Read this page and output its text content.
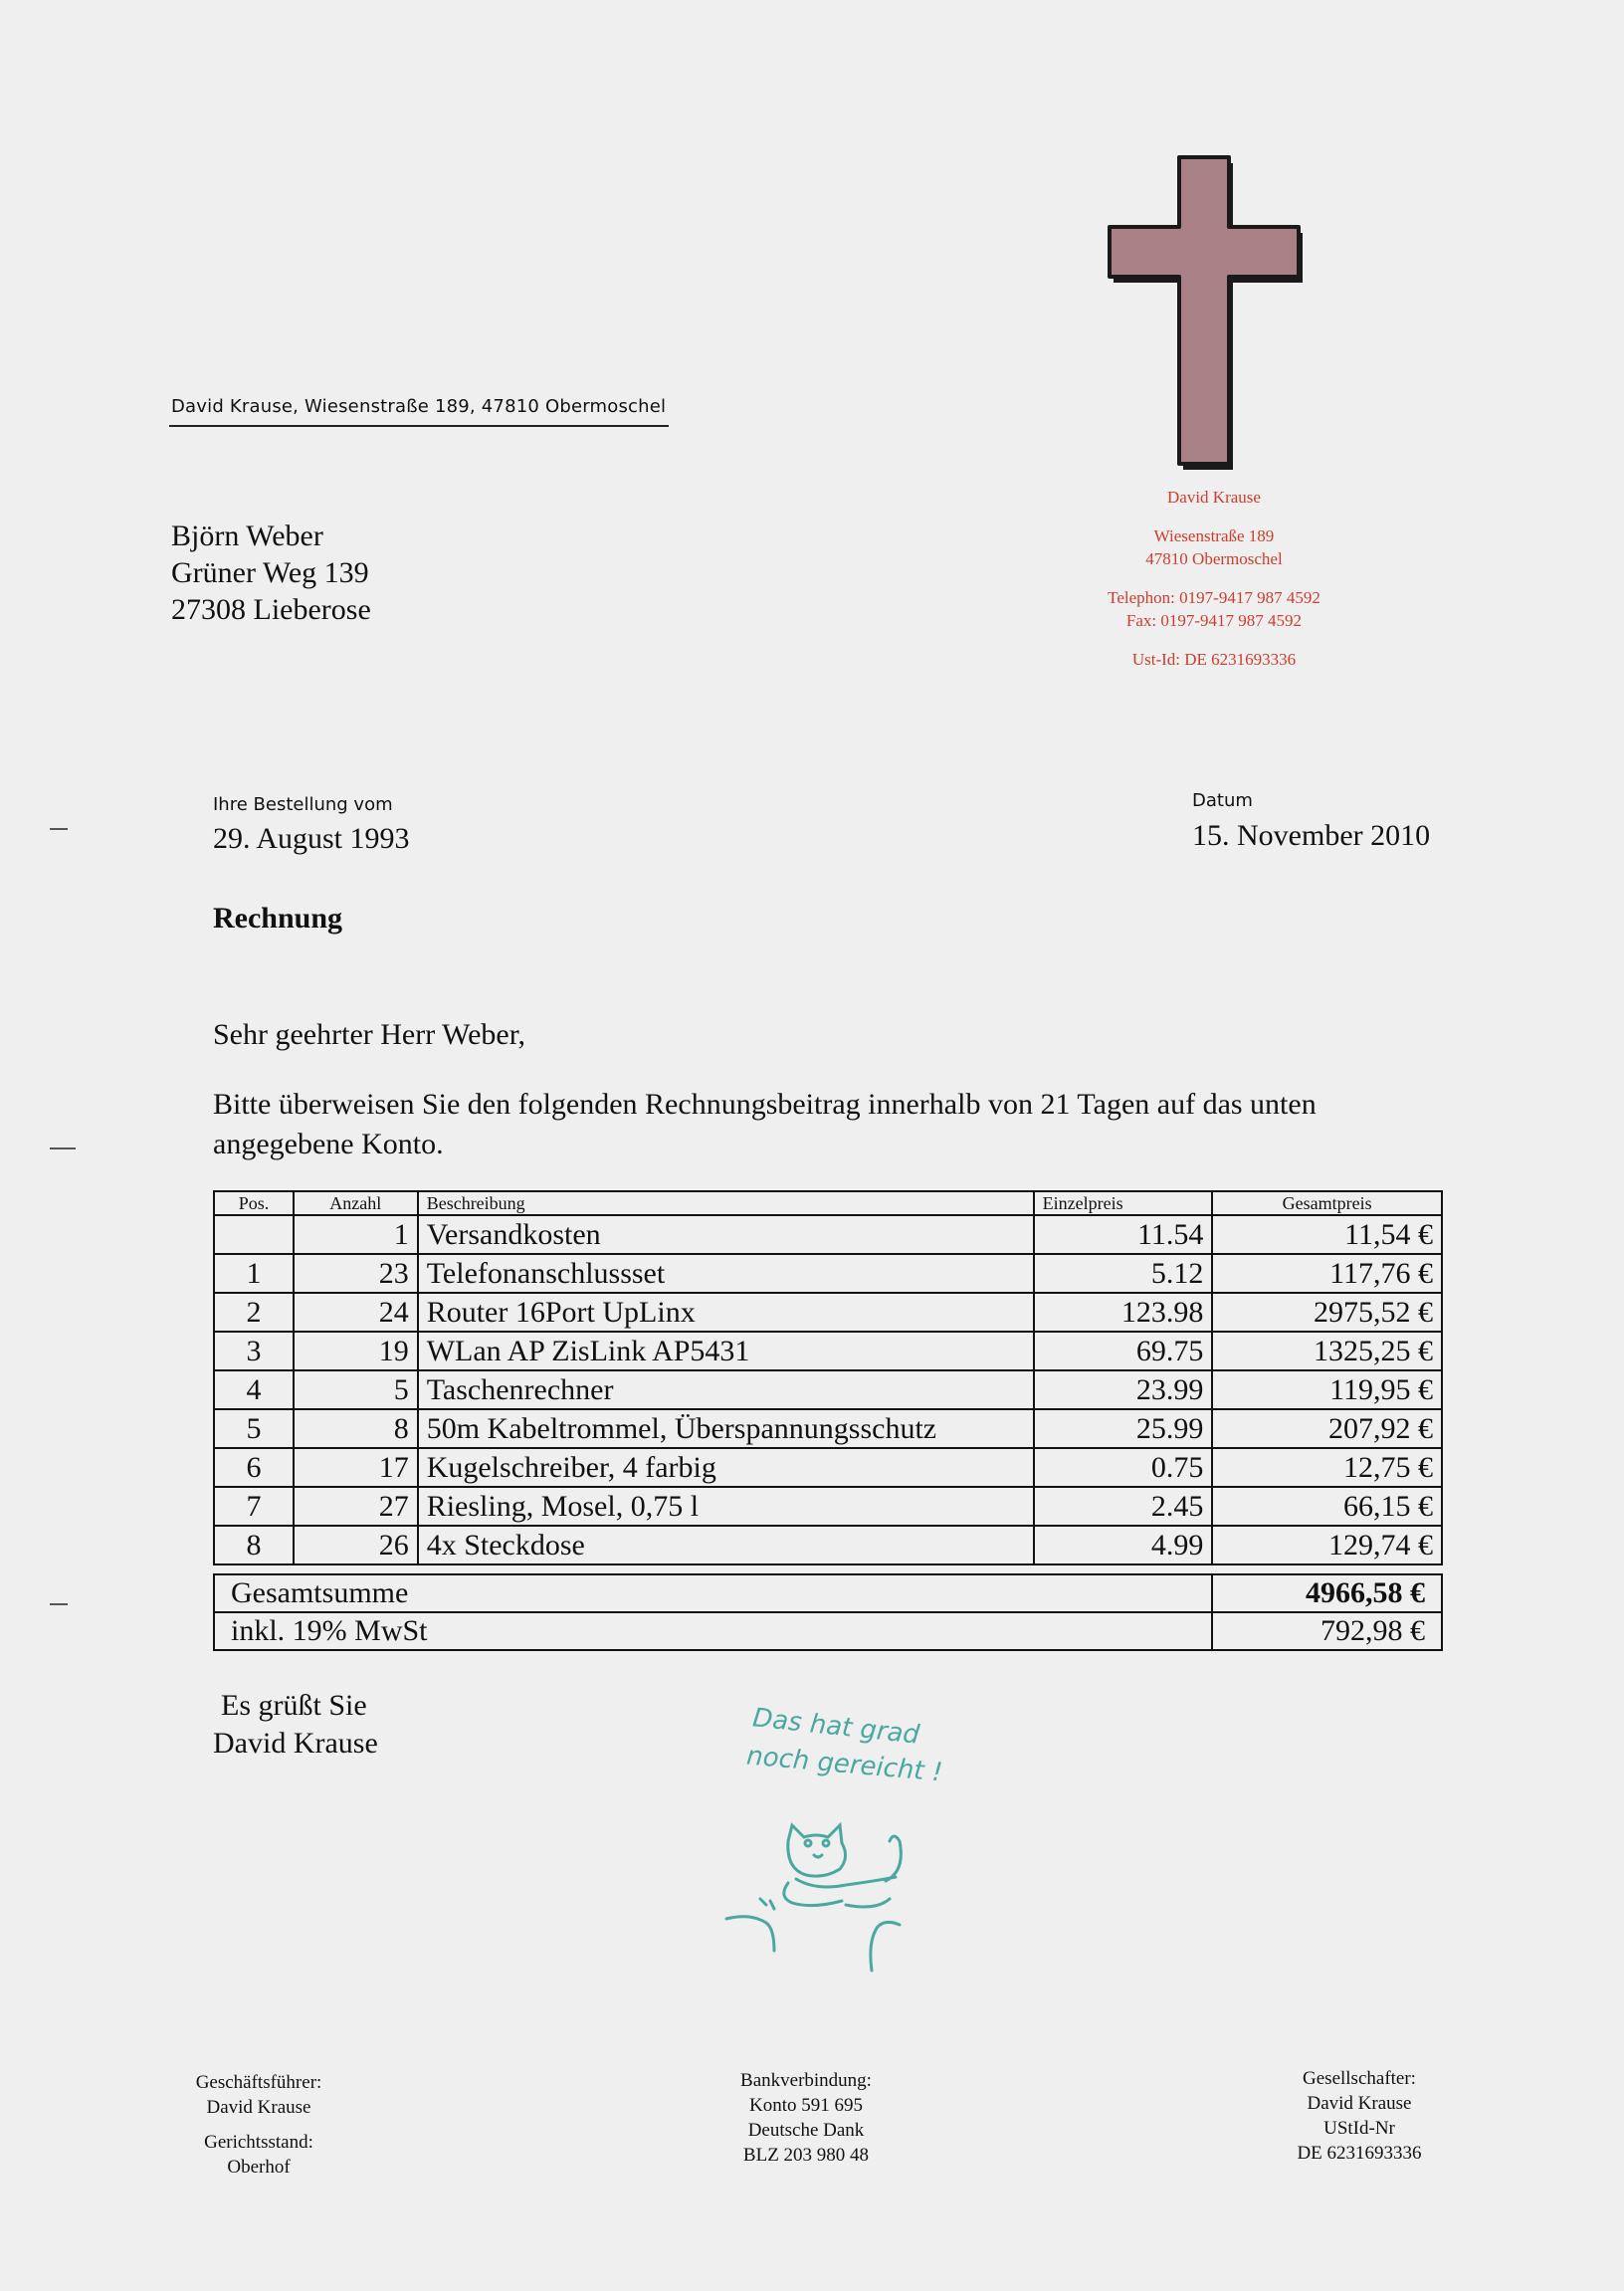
David Krause, Wiesenstraße 189, 47810 Obermoschel
Björn Weber
Grüner Weg 139
27308 Lieberose
David Krause
Wiesenstraße 189
47810 Obermoschel
Telephon: 0197-9417 987 4592
Fax: 0197-9417 987 4592
Ust-Id: DE 6231693336
Ihre Bestellung vom
29. August 1993
Datum
15. November 2010
Rechnung
Sehr geehrter Herr Weber,
Bitte überweisen Sie den folgenden Rechnungsbeitrag innerhalb von 21 Tagen auf das unten
angegebene Konto.
Pos.	Anzahl	Beschreibung	Einzelpreis	Gesamtpreis
	1	Versandkosten	11.54	11,54 €
1	23	Telefonanschlussset	5.12	117,76 €
2	24	Router 16Port UpLinx	123.98	2975,52 €
3	19	WLan AP ZisLink AP5431	69.75	1325,25 €
4	5	Taschenrechner	23.99	119,95 €
5	8	50m Kabeltrommel, Überspannungsschutz	25.99	207,92 €
6	17	Kugelschreiber, 4 farbig	0.75	12,75 €
7	27	Riesling, Mosel, 0,75 l	2.45	66,15 €
8	26	4x Steckdose	4.99	129,74 €
Gesamtsumme	4966,58 €
inkl. 19% MwSt	792,98 €
Es grüßt Sie
David Krause	Das hat grad
noch gereicht !
Geschäftsführer:
David Krause
Gerichtsstand:
Oberhof
Bankverbindung:
Konto 591 695
Deutsche Dank
BLZ 203 980 48
Gesellschafter:
David Krause
UStId-Nr
DE 6231693336
